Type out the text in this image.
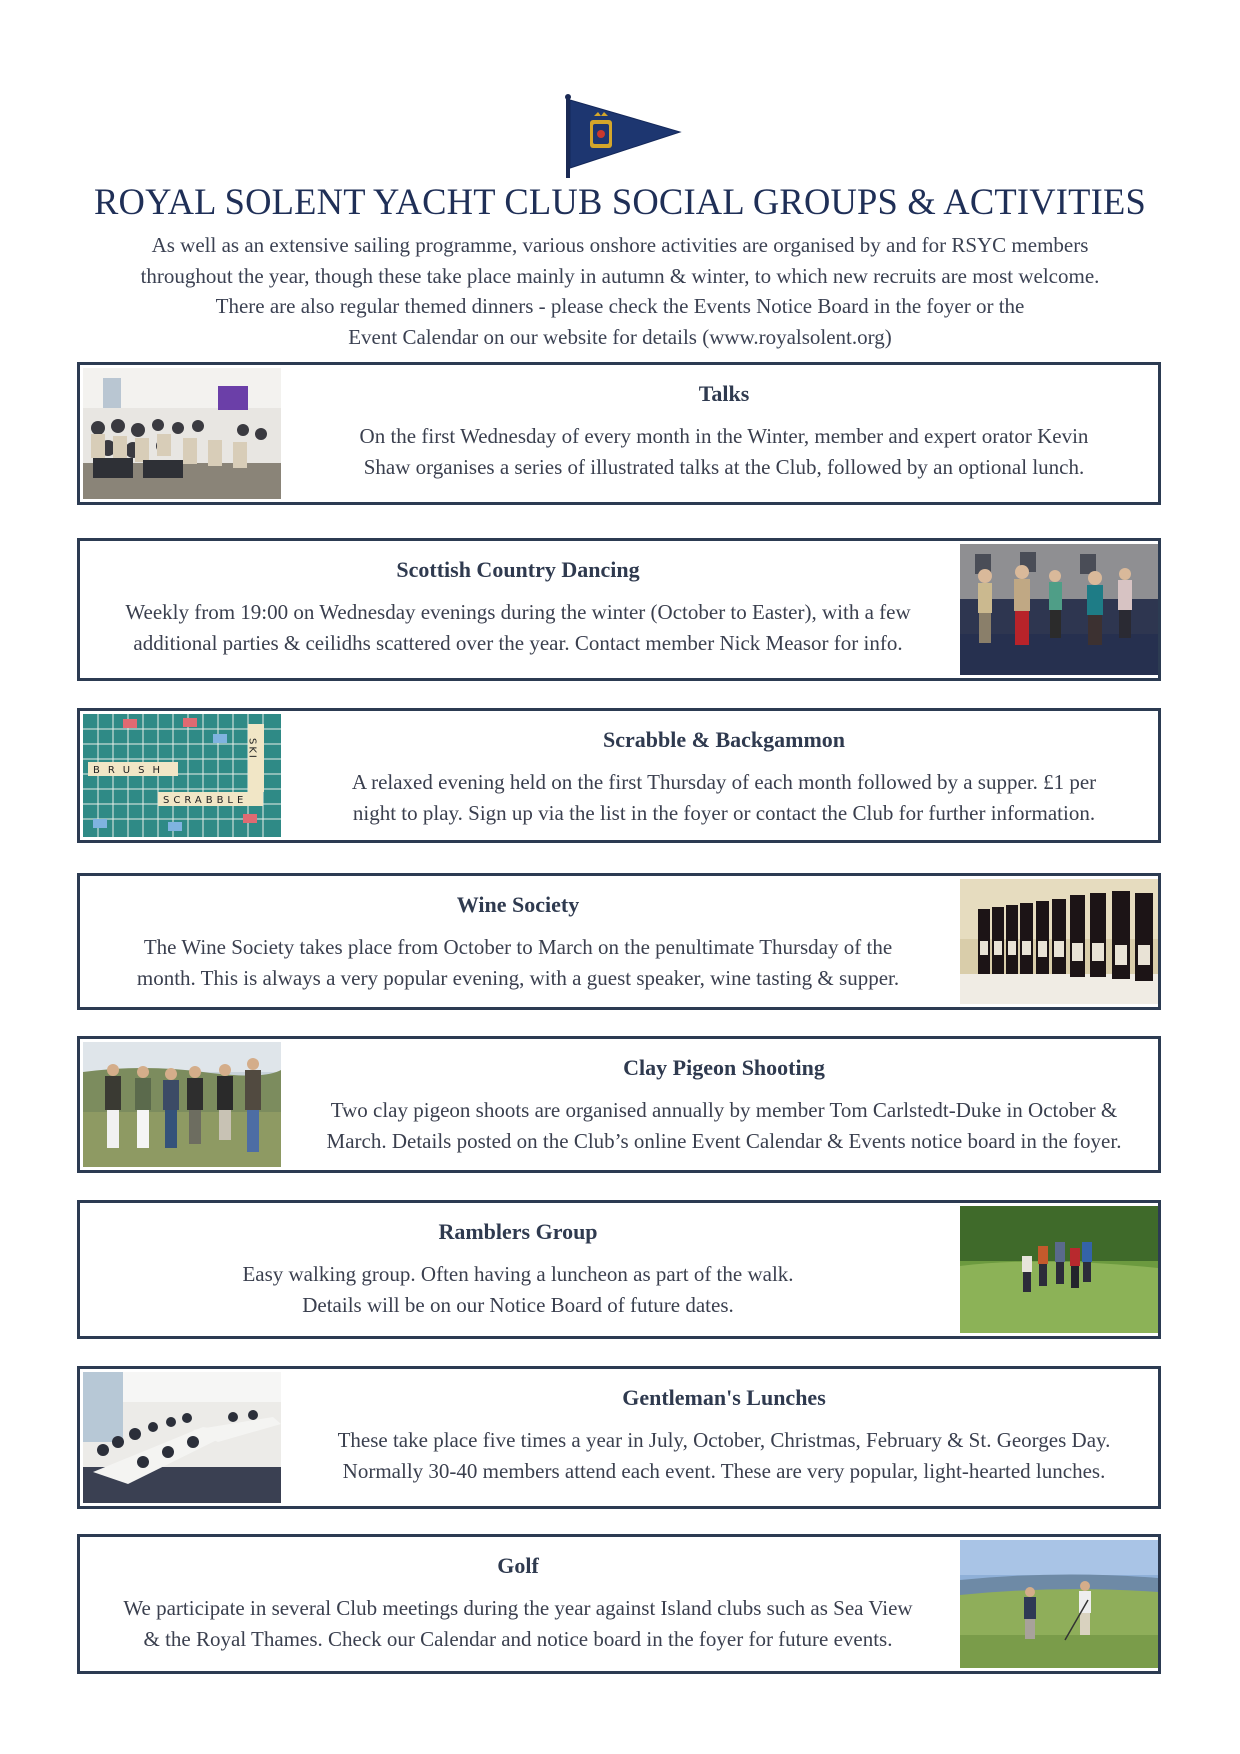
ROYAL SOLENT YACHT CLUB SOCIAL GROUPS & ACTIVITIES
As well as an extensive sailing programme, various onshore activities are organised by and for RSYC members
throughout the year, though these take place mainly in autumn & winter, to which new recruits are most welcome.
There are also regular themed dinners - please check the Events Notice Board in the foyer or the
Event Calendar on our website for details (www.royalsolent.org)
Talks
On the first Wednesday of every month in the Winter, member and expert orator Kevin
Shaw organises a series of illustrated talks at the Club, followed by an optional lunch.
Scottish Country Dancing
Weekly from 19:00 on Wednesday evenings during the winter (October to Easter), with a few
additional parties & ceilidhs scattered over the year. Contact member Nick Measor for info.
BRUSH
SCRABBLE
SKI	Scrabble & Backgammon
A relaxed evening held on the first Thursday of each month followed by a supper. £1 per
night to play. Sign up via the list in the foyer or contact the Club for further information.
Wine Society
The Wine Society takes place from October to March on the penultimate Thursday of the
month. This is always a very popular evening, with a guest speaker, wine tasting & supper.
Clay Pigeon Shooting
Two clay pigeon shoots are organised annually by member Tom Carlstedt-Duke in October &
March. Details posted on the Club’s online Event Calendar & Events notice board in the foyer.
Ramblers Group
Easy walking group. Often having a luncheon as part of the walk.
Details will be on our Notice Board of future dates.
Gentleman's Lunches
These take place five times a year in July, October, Christmas, February & St. Georges Day.
Normally 30-40 members attend each event. These are very popular, light-hearted lunches.
Golf
We participate in several Club meetings during the year against Island clubs such as Sea View
& the Royal Thames. Check our Calendar and notice board in the foyer for future events.
